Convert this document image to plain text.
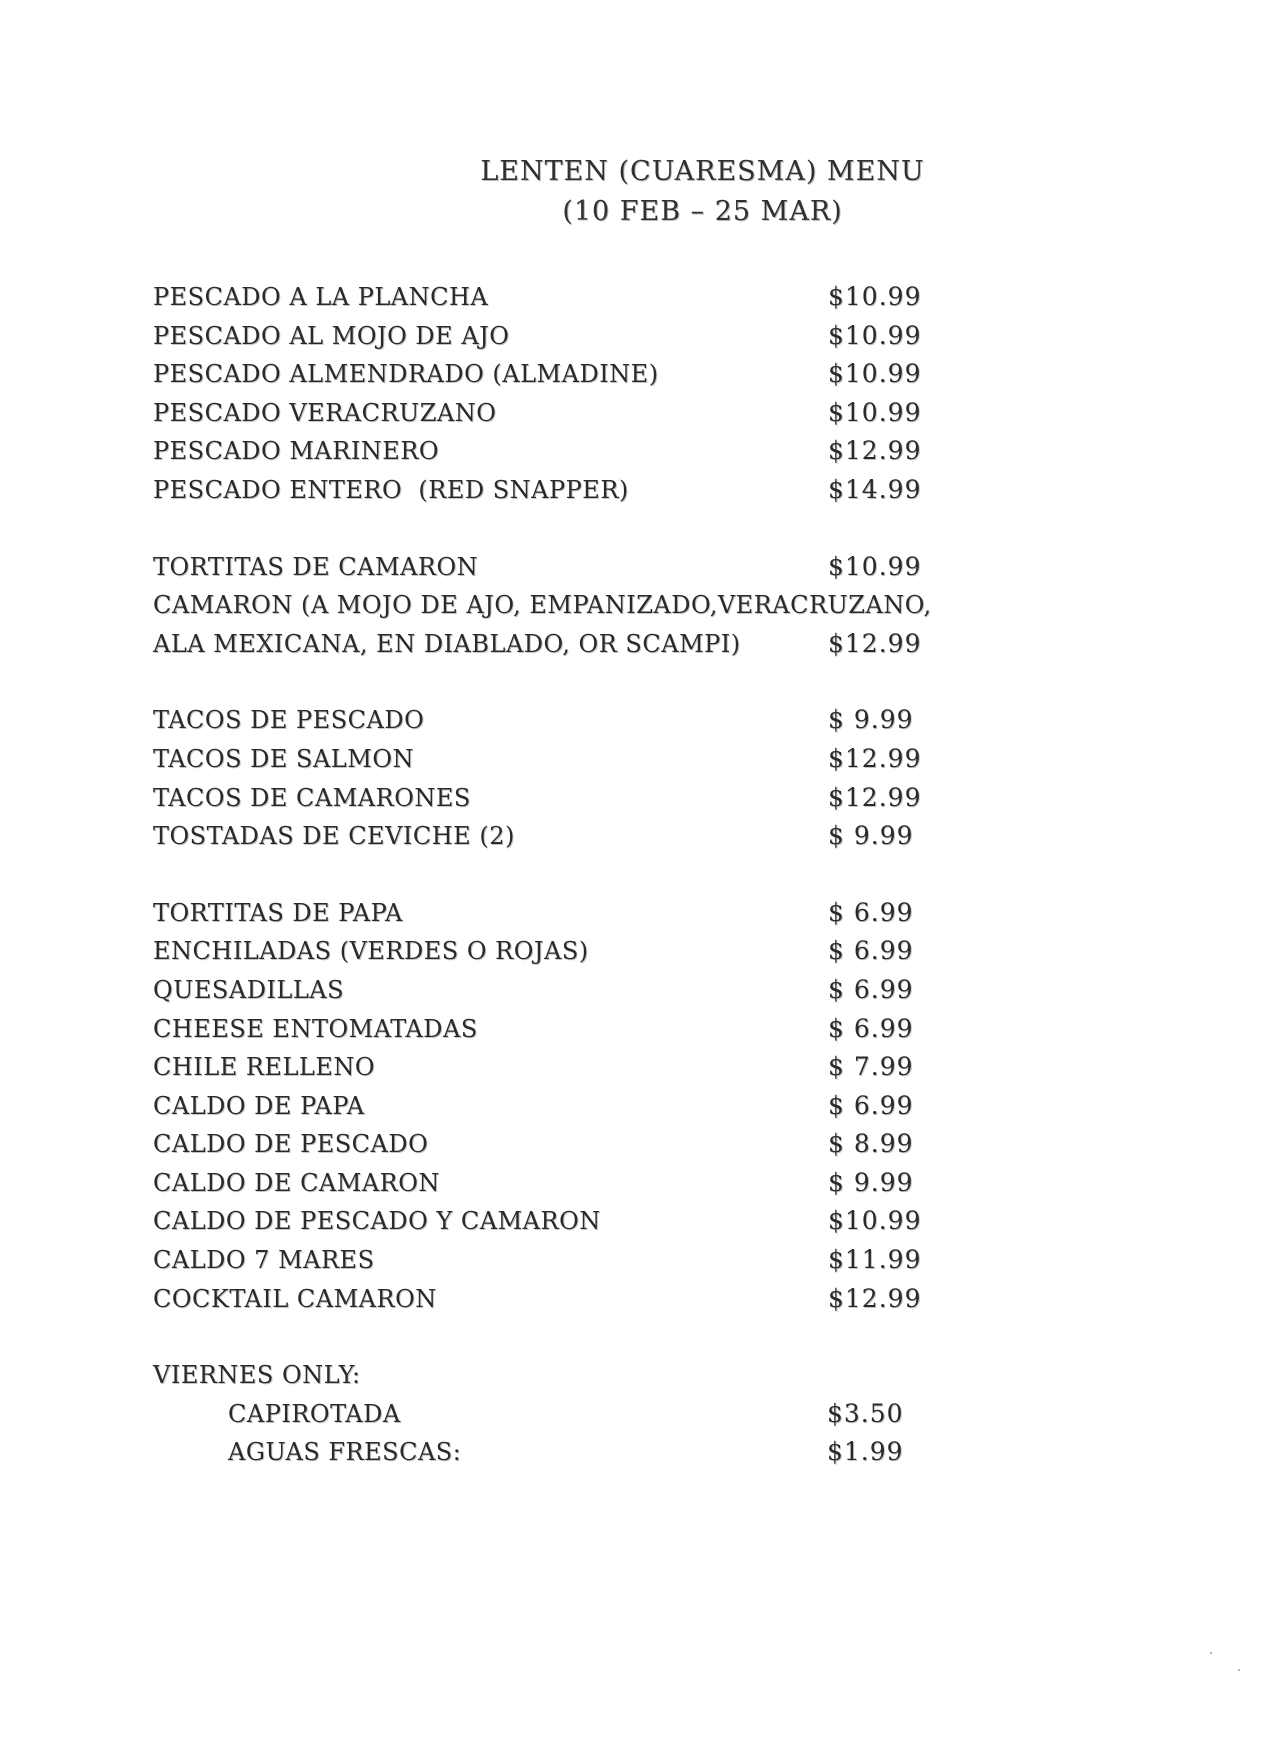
LENTEN (CUARESMA) MENU
(10 FEB – 25 MAR)
PESCADO A LA PLANCHA	$10.99
PESCADO AL MOJO DE AJO	$10.99
PESCADO ALMENDRADO (ALMADINE)	$10.99
PESCADO VERACRUZANO	$10.99
PESCADO MARINERO	$12.99
PESCADO ENTERO  (RED SNAPPER)	$14.99
TORTITAS DE CAMARON	$10.99
CAMARON (A MOJO DE AJO, EMPANIZADO,VERACRUZANO,
ALA MEXICANA, EN DIABLADO, OR SCAMPI)	$12.99
TACOS DE PESCADO	$ 9.99
TACOS DE SALMON	$12.99
TACOS DE CAMARONES	$12.99
TOSTADAS DE CEVICHE (2)	$ 9.99
TORTITAS DE PAPA	$ 6.99
ENCHILADAS (VERDES O ROJAS)	$ 6.99
QUESADILLAS	$ 6.99
CHEESE ENTOMATADAS	$ 6.99
CHILE RELLENO	$ 7.99
CALDO DE PAPA	$ 6.99
CALDO DE PESCADO	$ 8.99
CALDO DE CAMARON	$ 9.99
CALDO DE PESCADO Y CAMARON	$10.99
CALDO 7 MARES	$11.99
COCKTAIL CAMARON	$12.99
VIERNES ONLY:
CAPIROTADA	$3.50
AGUAS FRESCAS:	$1.99
